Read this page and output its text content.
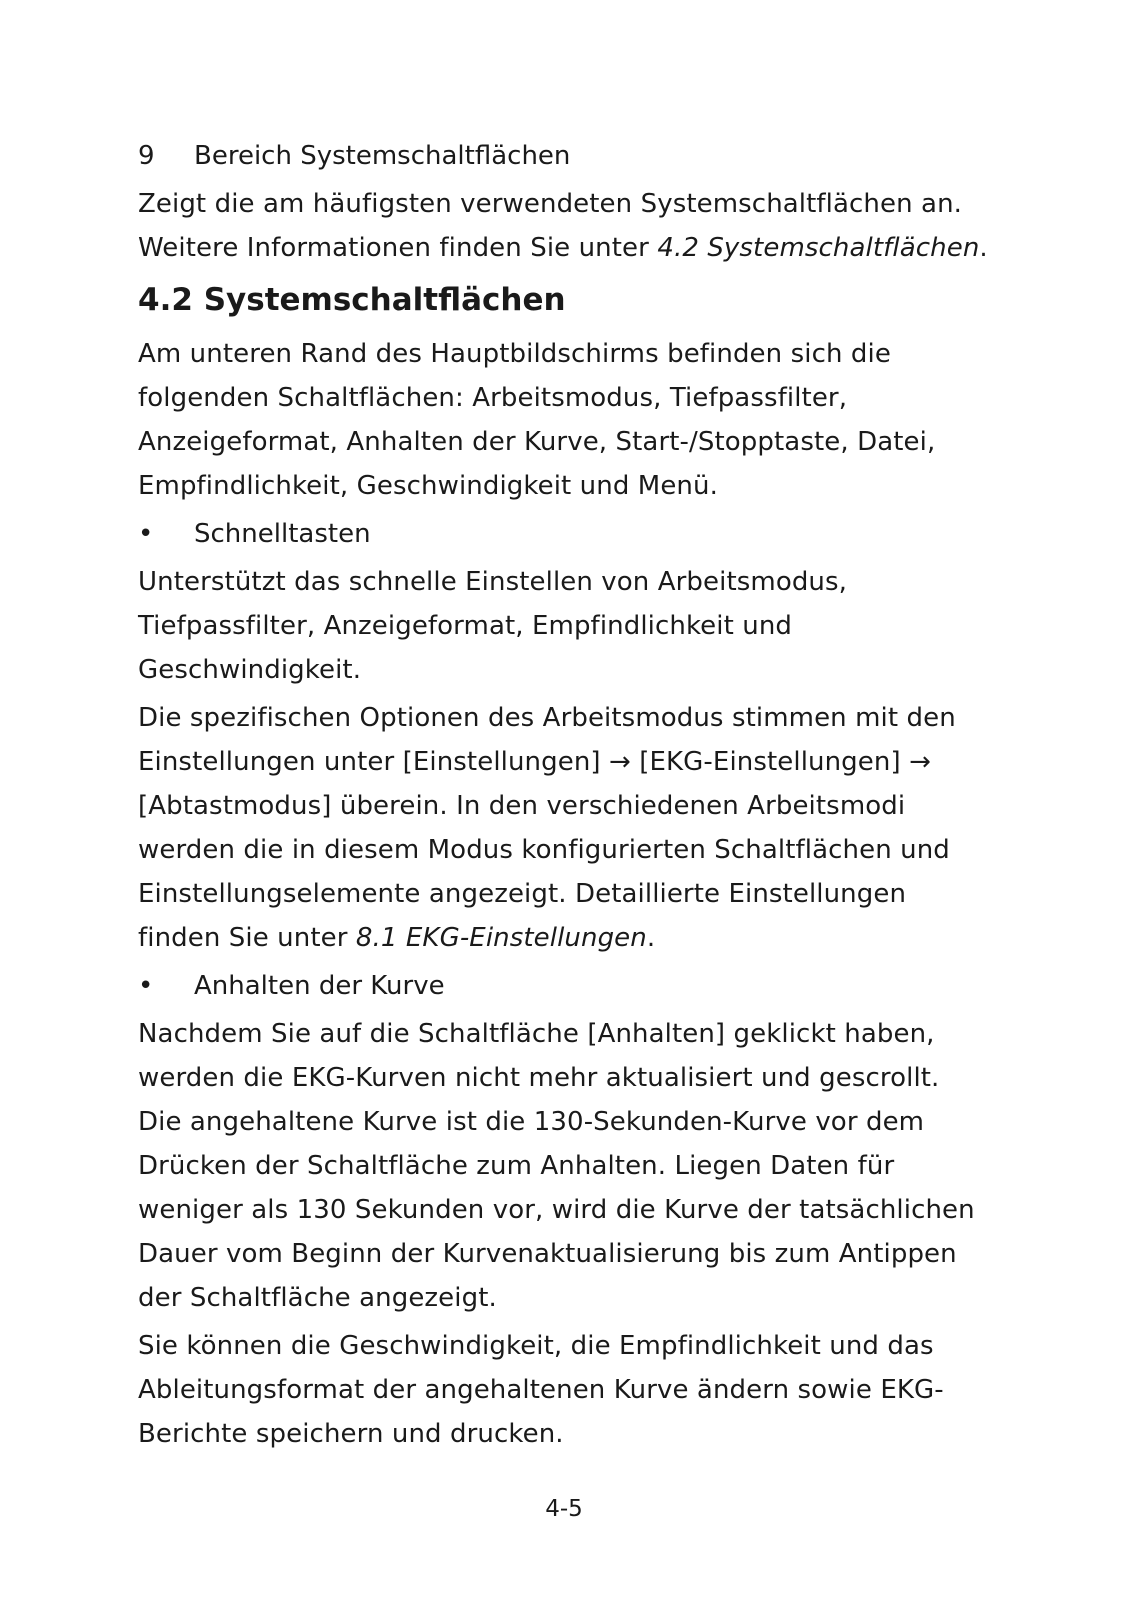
9	Bereich Systemschaltflächen

Zeigt die am häufigsten verwendeten Systemschaltflächen an.
Weitere Informationen finden Sie unter 4.2 Systemschaltflächen.

4.2 Systemschaltflächen

Am unteren Rand des Hauptbildschirms befinden sich die
folgenden Schaltflächen: Arbeitsmodus, Tiefpassfilter,
Anzeigeformat, Anhalten der Kurve, Start-/Stopptaste, Datei,
Empfindlichkeit, Geschwindigkeit und Menü.

•	Schnelltasten

Unterstützt das schnelle Einstellen von Arbeitsmodus,
Tiefpassfilter, Anzeigeformat, Empfindlichkeit und
Geschwindigkeit.

Die spezifischen Optionen des Arbeitsmodus stimmen mit den
Einstellungen unter [Einstellungen] → [EKG-Einstellungen] →
[Abtastmodus] überein. In den verschiedenen Arbeitsmodi
werden die in diesem Modus konfigurierten Schaltflächen und
Einstellungselemente angezeigt. Detaillierte Einstellungen
finden Sie unter 8.1 EKG-Einstellungen.

•	Anhalten der Kurve

Nachdem Sie auf die Schaltfläche [Anhalten] geklickt haben,
werden die EKG-Kurven nicht mehr aktualisiert und gescrollt.
Die angehaltene Kurve ist die 130-Sekunden-Kurve vor dem
Drücken der Schaltfläche zum Anhalten. Liegen Daten für
weniger als 130 Sekunden vor, wird die Kurve der tatsächlichen
Dauer vom Beginn der Kurvenaktualisierung bis zum Antippen
der Schaltfläche angezeigt.

Sie können die Geschwindigkeit, die Empfindlichkeit und das
Ableitungsformat der angehaltenen Kurve ändern sowie EKG-
Berichte speichern und drucken.

4-5
